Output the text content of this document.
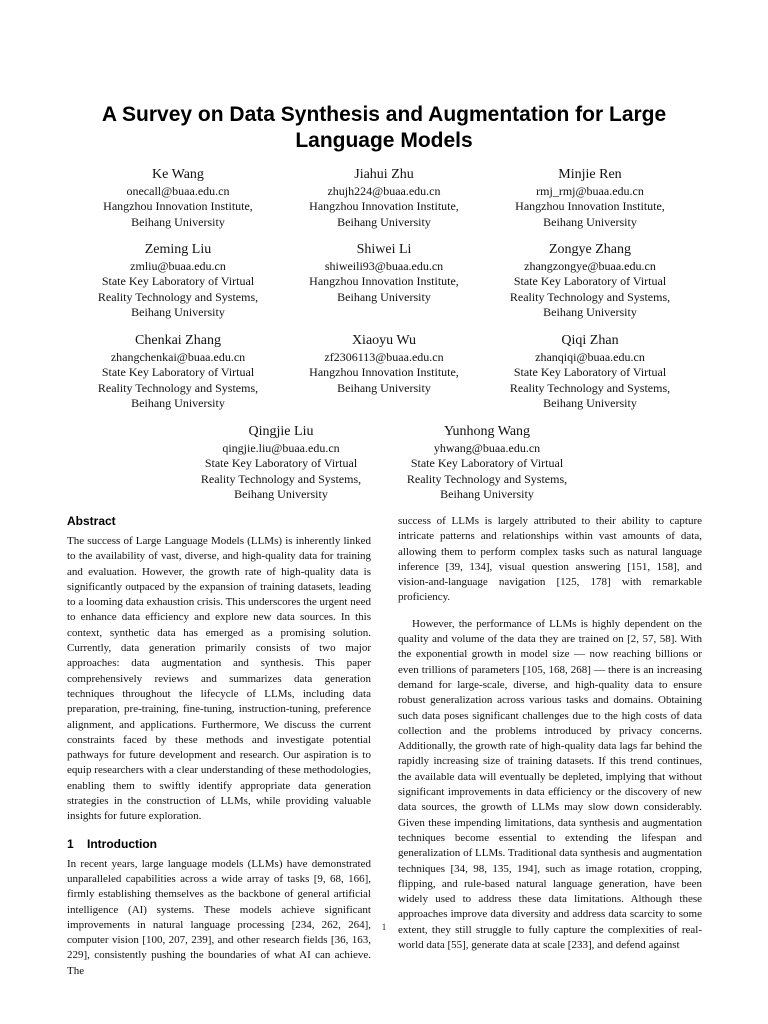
A Survey on Data Synthesis and Augmentation for Large Language Models
Ke Wang
onecall@buaa.edu.cn
Hangzhou Innovation Institute,
Beihang University
Jiahui Zhu
zhujh224@buaa.edu.cn
Hangzhou Innovation Institute,
Beihang University
Minjie Ren
rmj_rmj@buaa.edu.cn
Hangzhou Innovation Institute,
Beihang University
Zeming Liu
zmliu@buaa.edu.cn
State Key Laboratory of Virtual
Reality Technology and Systems,
Beihang University
Shiwei Li
shiweili93@buaa.edu.cn
Hangzhou Innovation Institute,
Beihang University
Zongye Zhang
zhangzongye@buaa.edu.cn
State Key Laboratory of Virtual
Reality Technology and Systems,
Beihang University
Chenkai Zhang
zhangchenkai@buaa.edu.cn
State Key Laboratory of Virtual
Reality Technology and Systems,
Beihang University
Xiaoyu Wu
zf2306113@buaa.edu.cn
Hangzhou Innovation Institute,
Beihang University
Qiqi Zhan
zhanqiqi@buaa.edu.cn
State Key Laboratory of Virtual
Reality Technology and Systems,
Beihang University
Qingjie Liu
qingjie.liu@buaa.edu.cn
State Key Laboratory of Virtual
Reality Technology and Systems,
Beihang University
Yunhong Wang
yhwang@buaa.edu.cn
State Key Laboratory of Virtual
Reality Technology and Systems,
Beihang University
Abstract

The success of Large Language Models (LLMs) is inherently linked to the availability of vast, diverse, and high-quality data for training and evaluation. However, the growth rate of high-quality data is significantly outpaced by the expansion of training datasets, leading to a looming data exhaustion crisis. This underscores the urgent need to enhance data efficiency and explore new data sources. In this context, synthetic data has emerged as a promising solution. Currently, data generation primarily consists of two major approaches: data augmentation and synthesis. This paper comprehensively reviews and summarizes data generation techniques throughout the lifecycle of LLMs, including data preparation, pre-training, fine-tuning, instruction-tuning, preference alignment, and applications. Furthermore, We discuss the current constraints faced by these methods and investigate potential pathways for future development and research. Our aspiration is to equip researchers with a clear understanding of these methodologies, enabling them to swiftly identify appropriate data generation strategies in the construction of LLMs, while providing valuable insights for future exploration.

1 Introduction

In recent years, large language models (LLMs) have demonstrated unparalleled capabilities across a wide array of tasks [9, 68, 166], firmly establishing themselves as the backbone of general artificial intelligence (AI) systems. These models achieve significant improvements in natural language processing [234, 262, 264], computer vision [100, 207, 239], and other research fields [36, 163, 229], consistently pushing the boundaries of what AI can achieve. The

success of LLMs is largely attributed to their ability to capture intricate patterns and relationships within vast amounts of data, allowing them to perform complex tasks such as natural language inference [39, 134], visual question answering [151, 158], and vision-and-language navigation [125, 178] with remarkable proficiency.

However, the performance of LLMs is highly dependent on the quality and volume of the data they are trained on [2, 57, 58]. With the exponential growth in model size — now reaching billions or even trillions of parameters [105, 168, 268] — there is an increasing demand for large-scale, diverse, and high-quality data to ensure robust generalization across various tasks and domains. Obtaining such data poses significant challenges due to the high costs of data collection and the problems introduced by privacy concerns. Additionally, the growth rate of high-quality data lags far behind the rapidly increasing size of training datasets. If this trend continues, the available data will eventually be depleted, implying that without significant improvements in data efficiency or the discovery of new data sources, the growth of LLMs may slow down considerably. Given these impending limitations, data synthesis and augmentation techniques become essential to extending the lifespan and generalization of LLMs. Traditional data synthesis and augmentation techniques [34, 98, 135, 194], such as image rotation, cropping, flipping, and rule-based natural language generation, have been widely used to address these data limitations. Although these approaches improve data diversity and address data scarcity to some extent, they still struggle to fully capture the complexities of real-world data [55], generate data at scale [233], and defend against

1
